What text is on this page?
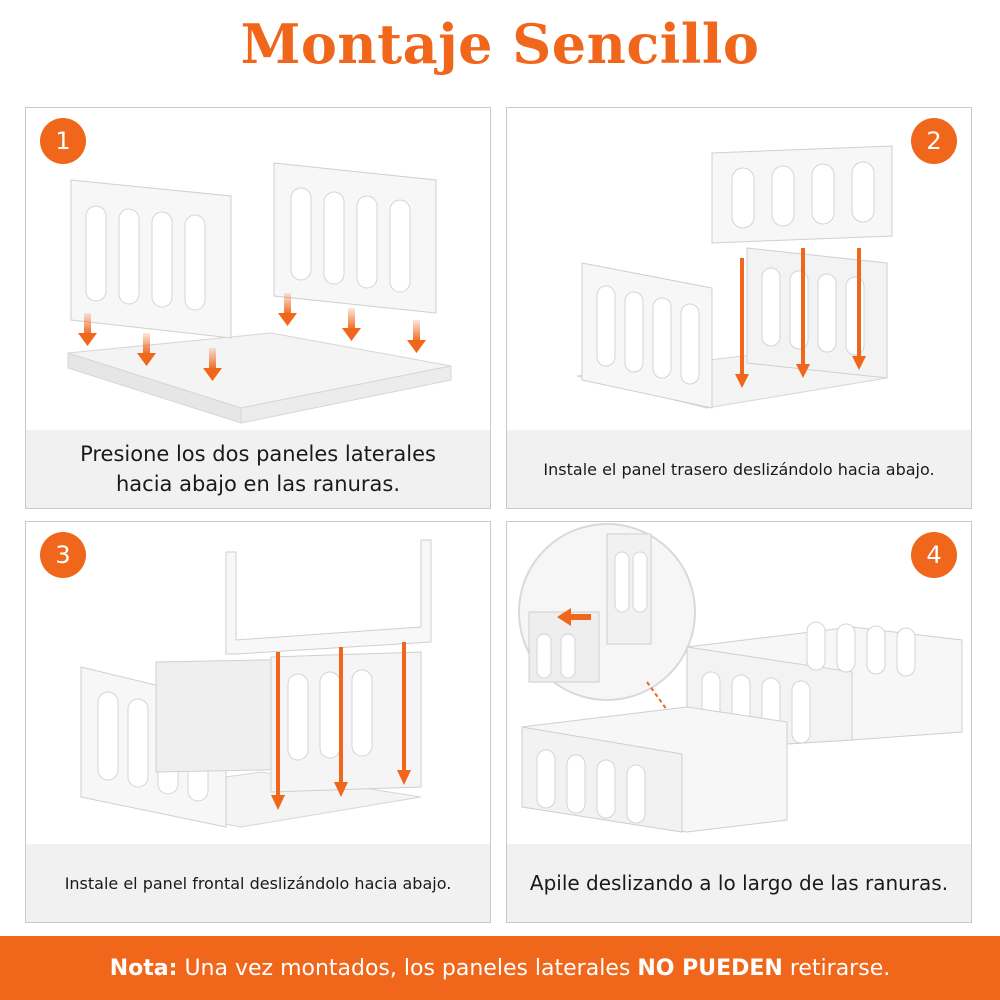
Montaje Sencillo
1
Presione los dos paneles laterales
hacia abajo en las ranuras.
2
Instale el panel trasero deslizándolo hacia abajo.
3
Instale el panel frontal deslizándolo hacia abajo.
4
Apile deslizando a lo largo de las ranuras.
Nota: Una vez montados, los paneles laterales NO PUEDEN retirarse.
